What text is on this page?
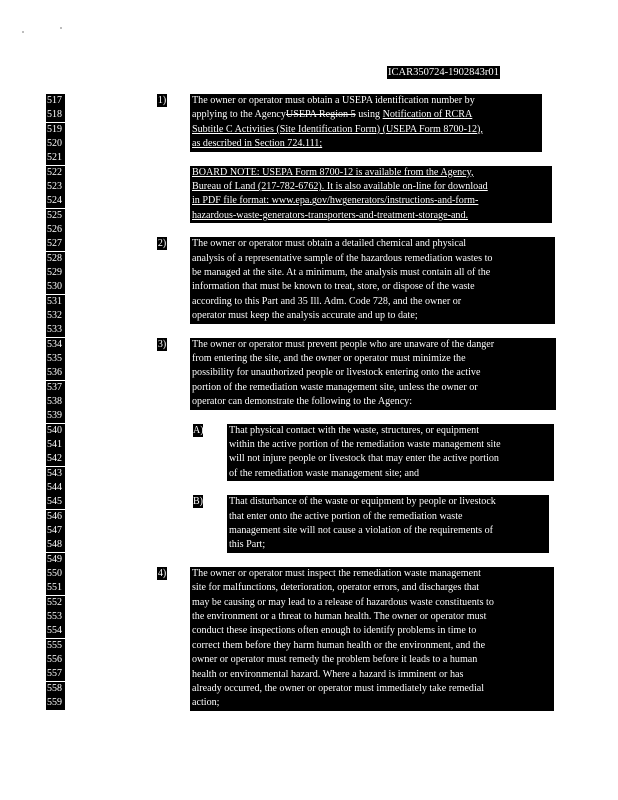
ICAR350724-1902843r01
517
518
519
520
521
522
523
524
525
526
527
528
529
530
531
532
533
534
535
536
537
538
539
540
541
542
543
544
545
546
547
548
549
550
551
552
553
554
555
556
557
558
559
1)	The owner or operator must obtain a USEPA identification number by
applying to the AgencyUSEPA Region 5 using Notification of RCRA
Subtitle C Activities (Site Identification Form) (USEPA Form 8700-12),
as described in Section 724.111;
BOARD NOTE: USEPA Form 8700-12 is available from the Agency,
Bureau of Land (217-782-6762). It is also available on-line for download
in PDF file format: www.epa.gov/hwgenerators/instructions-and-form-
hazardous-waste-generators-transporters-and-treatment-storage-and.
2)	The owner or operator must obtain a detailed chemical and physical
analysis of a representative sample of the hazardous remediation wastes to
be managed at the site. At a minimum, the analysis must contain all of the
information that must be known to treat, store, or dispose of the waste
according to this Part and 35 Ill. Adm. Code 728, and the owner or
operator must keep the analysis accurate and up to date;
3)	The owner or operator must prevent people who are unaware of the danger
from entering the site, and the owner or operator must minimize the
possibility for unauthorized people or livestock entering onto the active
portion of the remediation waste management site, unless the owner or
operator can demonstrate the following to the Agency:
A)	That physical contact with the waste, structures, or equipment
within the active portion of the remediation waste management site
will not injure people or livestock that may enter the active portion
of the remediation waste management site; and
B)	That disturbance of the waste or equipment by people or livestock
that enter onto the active portion of the remediation waste
management site will not cause a violation of the requirements of
this Part;
4)	The owner or operator must inspect the remediation waste management
site for malfunctions, deterioration, operator errors, and discharges that
may be causing or may lead to a release of hazardous waste constituents to
the environment or a threat to human health. The owner or operator must
conduct these inspections often enough to identify problems in time to
correct them before they harm human health or the environment, and the
owner or operator must remedy the problem before it leads to a human
health or environmental hazard. Where a hazard is imminent or has
already occurred, the owner or operator must immediately take remedial
action;
